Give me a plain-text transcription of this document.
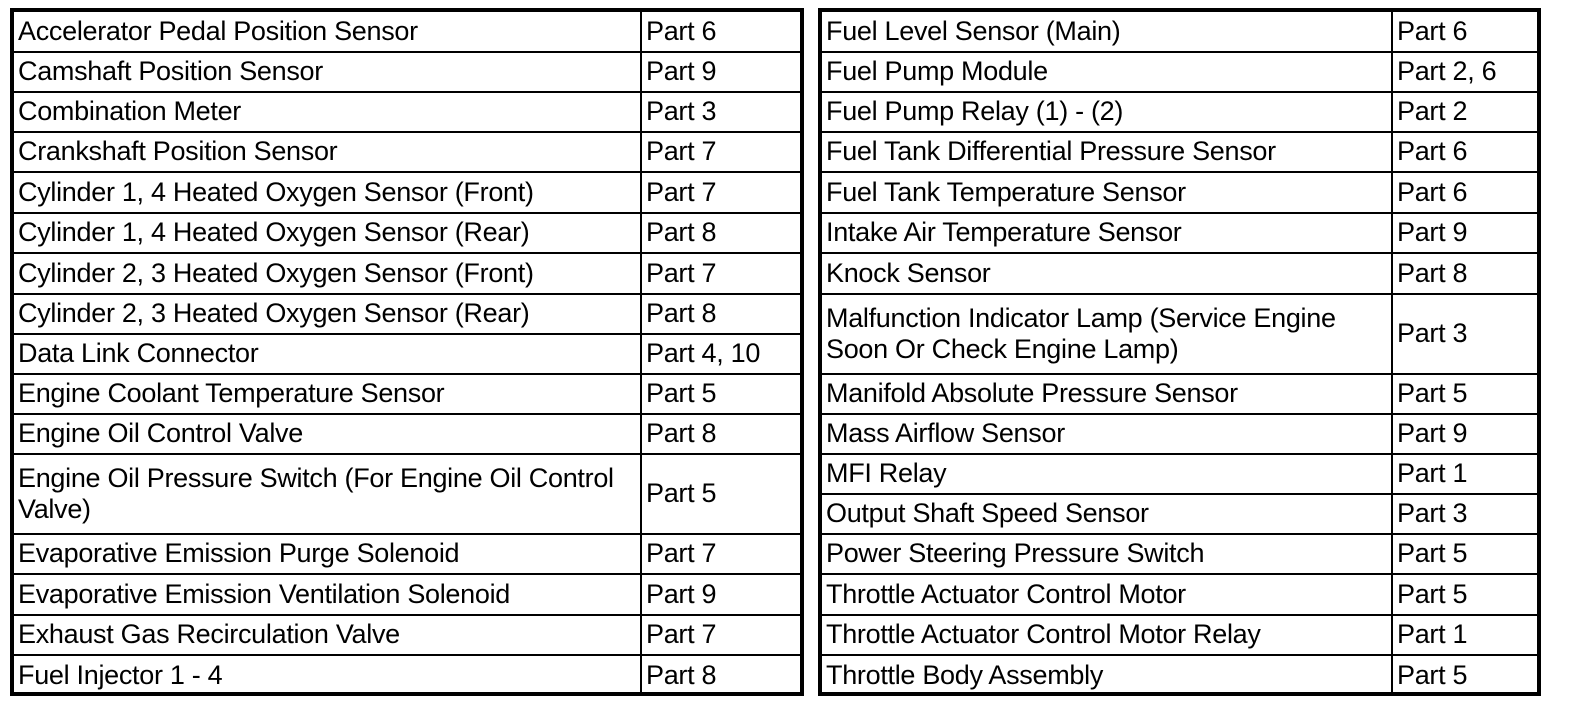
Accelerator Pedal Position Sensor	Part 6
Camshaft Position Sensor	Part 9
Combination Meter	Part 3
Crankshaft Position Sensor	Part 7
Cylinder 1, 4 Heated Oxygen Sensor (Front)	Part 7
Cylinder 1, 4 Heated Oxygen Sensor (Rear)	Part 8
Cylinder 2, 3 Heated Oxygen Sensor (Front)	Part 7
Cylinder 2, 3 Heated Oxygen Sensor (Rear)	Part 8
Data Link Connector	Part 4, 10
Engine Coolant Temperature Sensor	Part 5
Engine Oil Control Valve	Part 8
Engine Oil Pressure Switch (For Engine Oil Control Valve)	Part 5
Evaporative Emission Purge Solenoid	Part 7
Evaporative Emission Ventilation Solenoid	Part 9
Exhaust Gas Recirculation Valve	Part 7
Fuel Injector 1 - 4	Part 8
Fuel Level Sensor (Main)	Part 6
Fuel Pump Module	Part 2, 6
Fuel Pump Relay (1) - (2)	Part 2
Fuel Tank Differential Pressure Sensor	Part 6
Fuel Tank Temperature Sensor	Part 6
Intake Air Temperature Sensor	Part 9
Knock Sensor	Part 8
Malfunction Indicator Lamp (Service Engine Soon Or Check Engine Lamp)	Part 3
Manifold Absolute Pressure Sensor	Part 5
Mass Airflow Sensor	Part 9
MFI Relay	Part 1
Output Shaft Speed Sensor	Part 3
Power Steering Pressure Switch	Part 5
Throttle Actuator Control Motor	Part 5
Throttle Actuator Control Motor Relay	Part 1
Throttle Body Assembly	Part 5
